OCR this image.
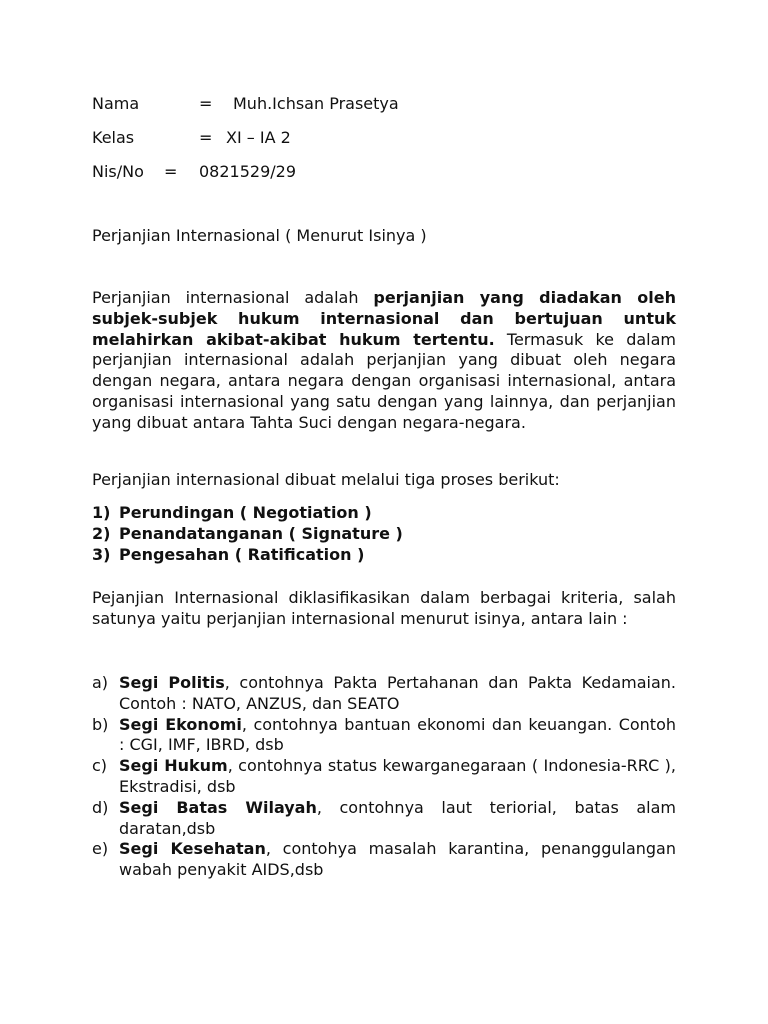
Nama	= Muh.Ichsan Prasetya
Kelas	= XI – IA 2
Nis/No = 0821529/29
Perjanjian Internasional ( Menurut Isinya )

Perjanjian internasional adalah perjanjian yang diadakan oleh subjek-subjek hukum internasional dan bertujuan untuk melahirkan akibat-akibat hukum tertentu. Termasuk ke dalam perjanjian internasional adalah perjanjian yang dibuat oleh negara dengan negara, antara negara dengan organisasi internasional, antara organisasi internasional yang satu dengan yang lainnya, dan perjanjian yang dibuat antara Tahta Suci dengan negara-negara.

Perjanjian internasional dibuat melalui tiga proses berikut:

1) Perundingan ( Negotiation )
2) Penandatanganan ( Signature )
3) Pengesahan ( Ratification )

Pejanjian Internasional diklasifikasikan dalam berbagai kriteria, salah satunya yaitu perjanjian internasional menurut isinya, antara lain :

a) Segi Politis, contohnya Pakta Pertahanan dan Pakta Kedamaian. Contoh : NATO, ANZUS, dan SEATO
b) Segi Ekonomi, contohnya bantuan ekonomi dan keuangan. Contoh : CGI, IMF, IBRD, dsb
c) Segi Hukum, contohnya status kewarganegaraan ( Indonesia-RRC ), Ekstradisi, dsb
d) Segi Batas Wilayah, contohnya laut teriorial, batas alam daratan,dsb
e) Segi Kesehatan, contohya masalah karantina, penanggulangan wabah penyakit AIDS,dsb
